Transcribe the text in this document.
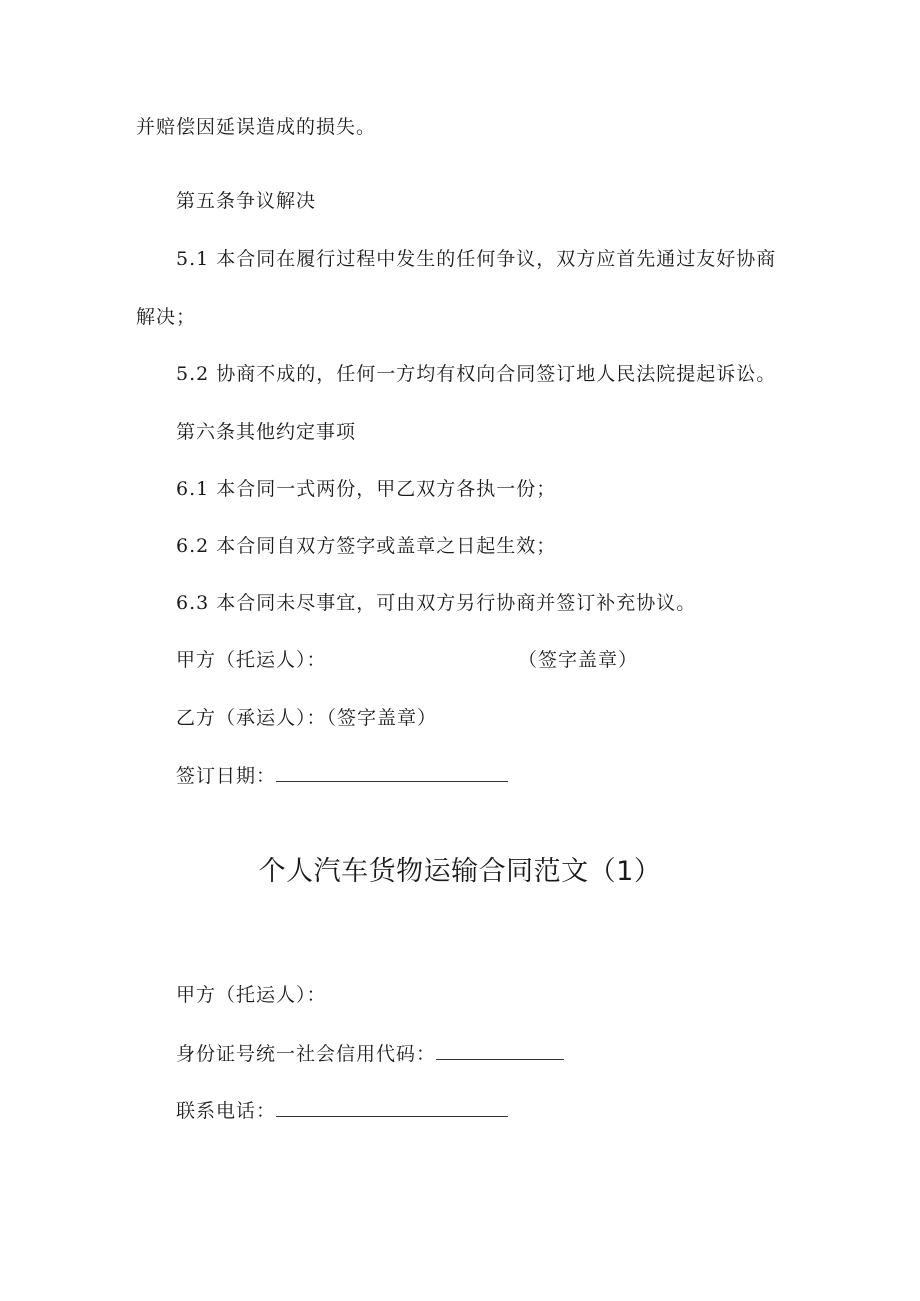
并赔偿因延误造成的损失。
第五条争议解决
5.1 本合同在履行过程中发生的任何争议，双方应首先通过友好协商
解决；
5.2 协商不成的，任何一方均有权向合同签订地人民法院提起诉讼。
第六条其他约定事项
6.1 本合同一式两份，甲乙双方各执一份；
6.2 本合同自双方签字或盖章之日起生效；
6.3 本合同未尽事宜，可由双方另行协商并签订补充协议。
甲方（托运人）：	（签字盖章）
乙方（承运人）：（签字盖章）
签订日期：
个人汽车货物运输合同范文（1）
甲方（托运人）：
身份证号统一社会信用代码：
联系电话：
